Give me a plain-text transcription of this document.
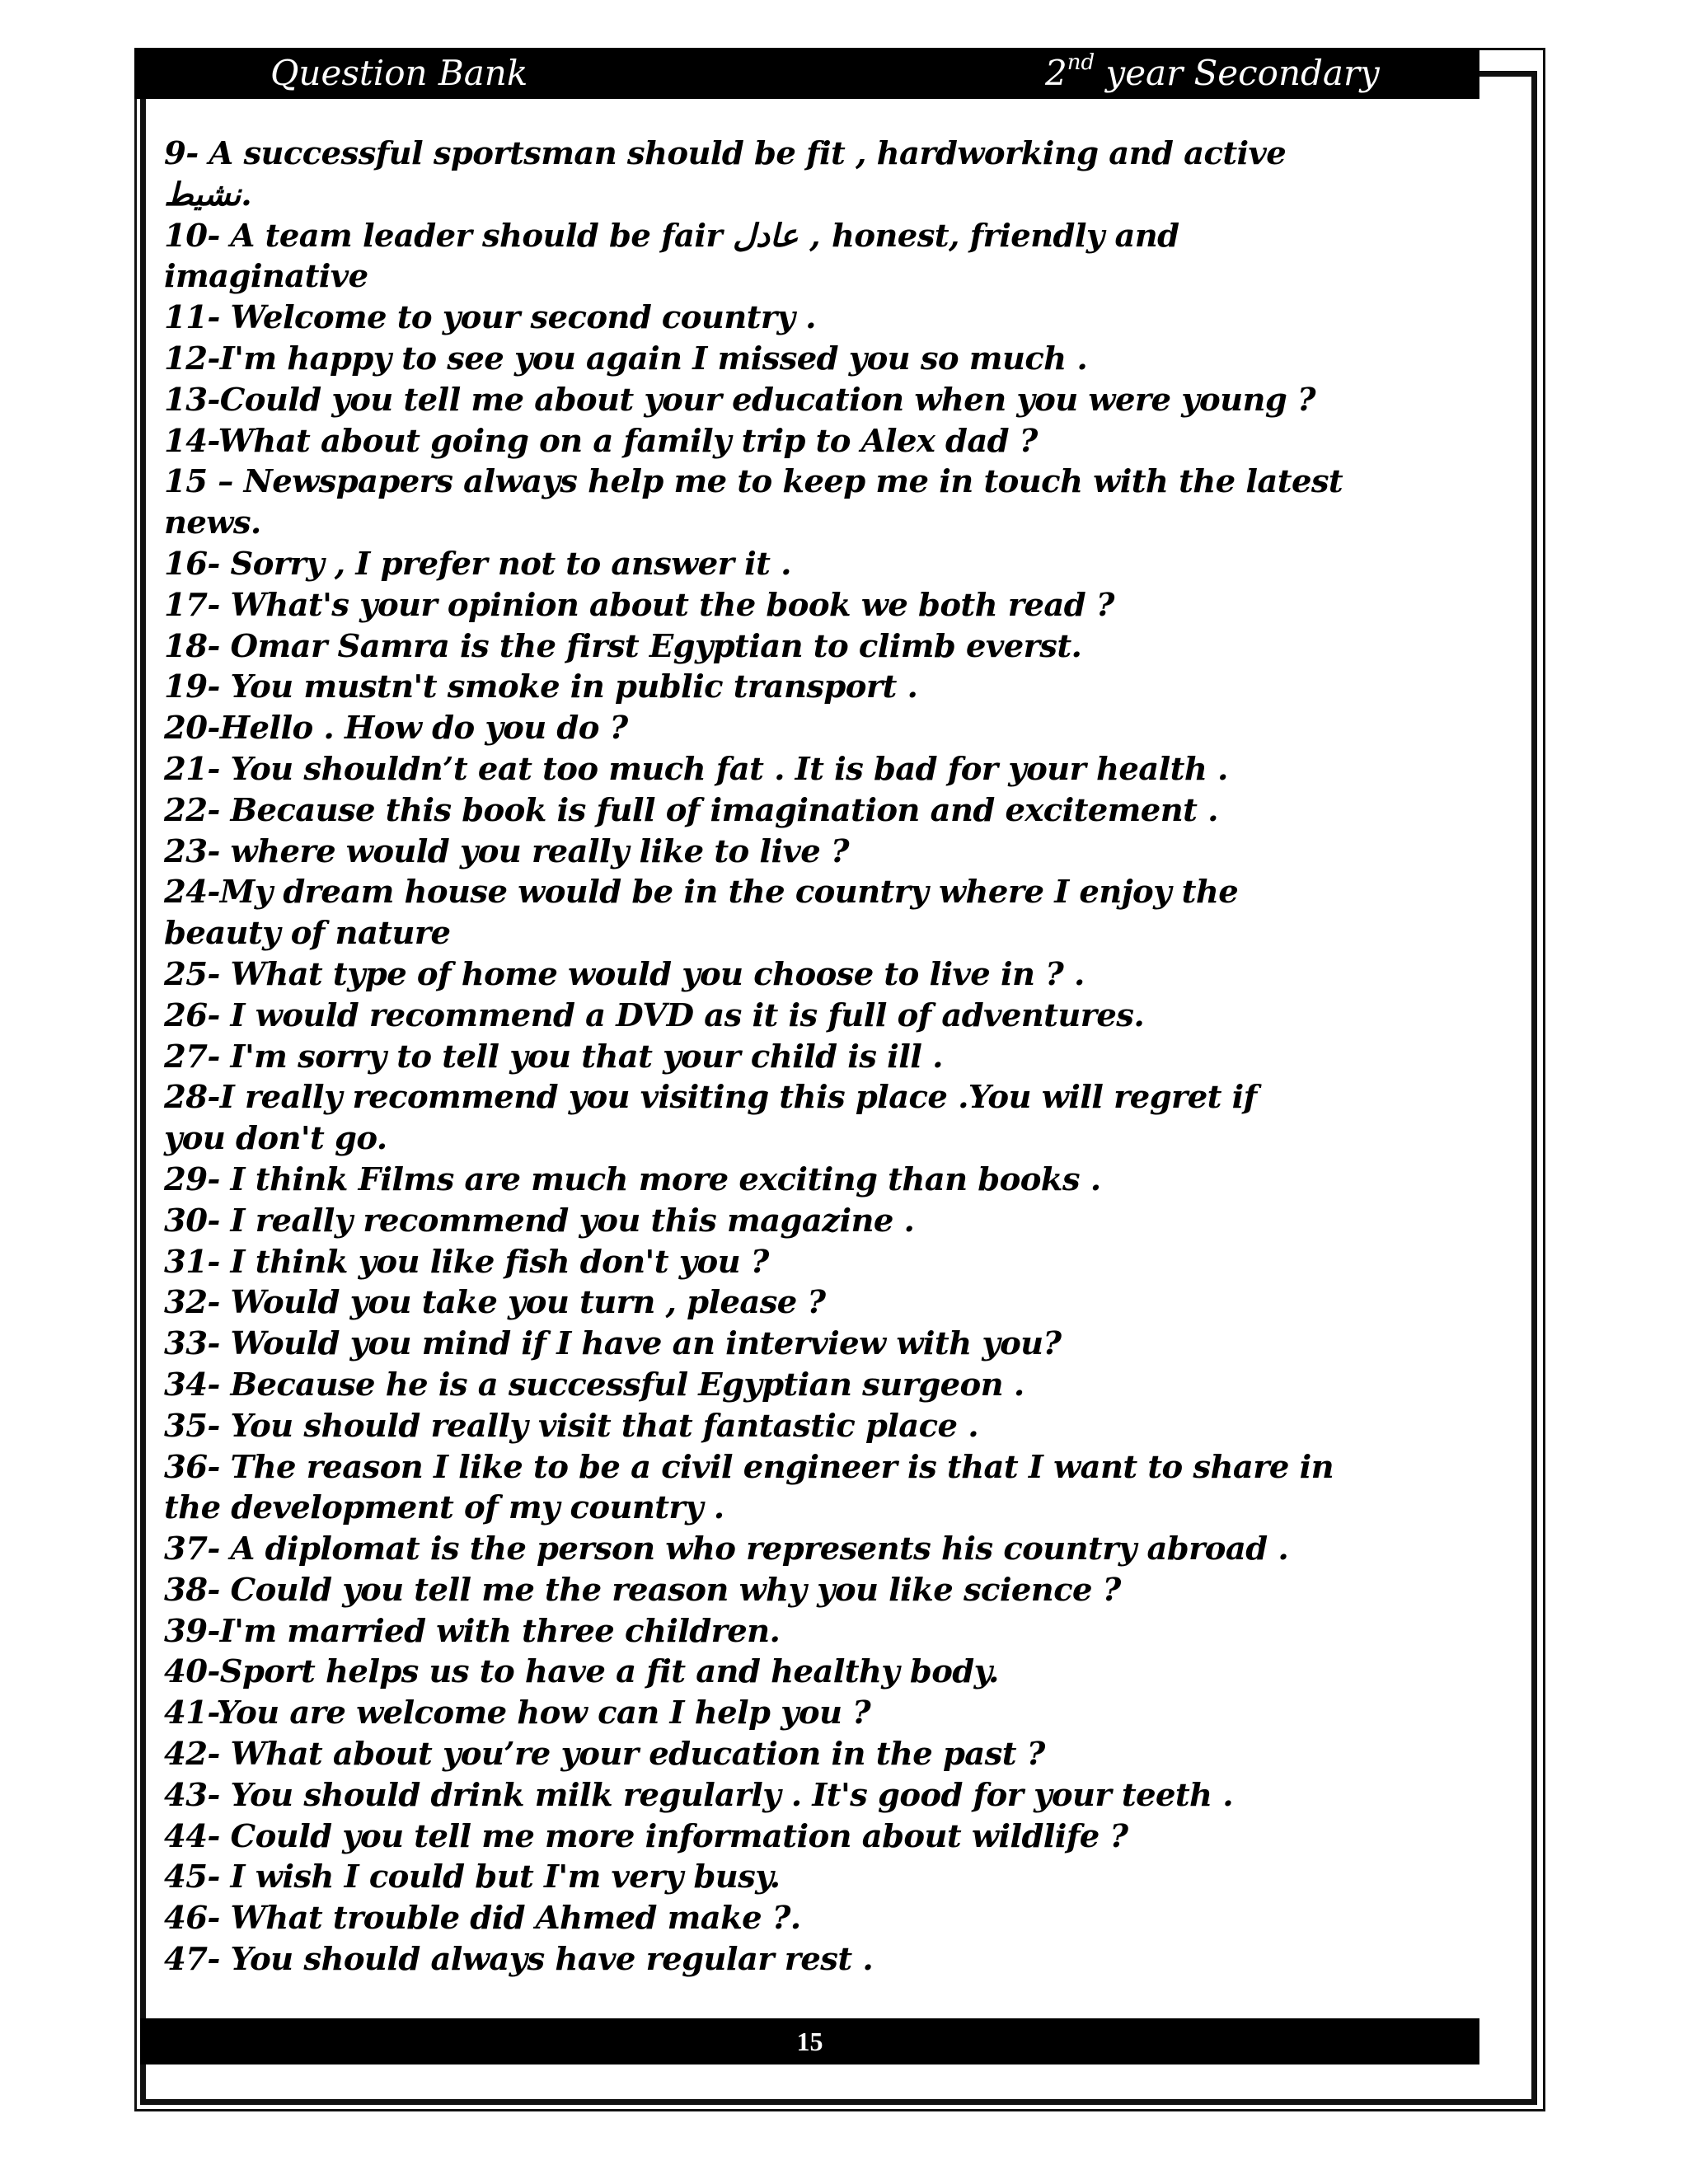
Question Bank	2nd year Secondary
9- A successful sportsman should be fit , hardworking and active
نشيط.
10- A team leader should be fair عادل , honest, friendly and
imaginative
11- Welcome to your second country .
12-I'm happy to see you again I missed you so much .
13-Could you tell me about your education when you were young ?
14-What about going on a family trip to Alex dad ?
15 – Newspapers always help me to keep me in touch with the latest
news.
16- Sorry , I prefer not to answer it .
17- What's your opinion about the book we both read ?
18- Omar Samra is the first Egyptian to climb everst.
19- You mustn't smoke in public transport .
20-Hello . How do you do ?
21- You shouldn’t eat too much fat . It is bad for your health .
22- Because this book is full of imagination and excitement .
23- where would you really like to live ?
24-My dream house would be in the country where I enjoy the
beauty of nature
25- What type of home would you choose to live in ? .
26- I would recommend a DVD as it is full of adventures.
27- I'm sorry to tell you that your child is ill .
28-I really recommend you visiting this place .You will regret if
you don't go.
29- I think Films are much more exciting than books .
30- I really recommend you this magazine .
31- I think you like fish don't you ?
32- Would you take you turn , please ?
33- Would you mind if I have an interview with you?
34- Because he is a successful Egyptian surgeon .
35- You should really visit that fantastic place .
36- The reason I like to be a civil engineer is that I want to share in
the development of my country .
37- A diplomat is the person who represents his country abroad .
38- Could you tell me the reason why you like science ?
39-I'm married with three children.
40-Sport helps us to have a fit and healthy body.
41-You are welcome how can I help you ?
42- What about you’re your education in the past ?
43- You should drink milk regularly . It's good for your teeth .
44- Could you tell me more information about wildlife ?
45- I wish I could but I'm very busy.
46- What trouble did Ahmed make ?.
47- You should always have regular rest .
15
